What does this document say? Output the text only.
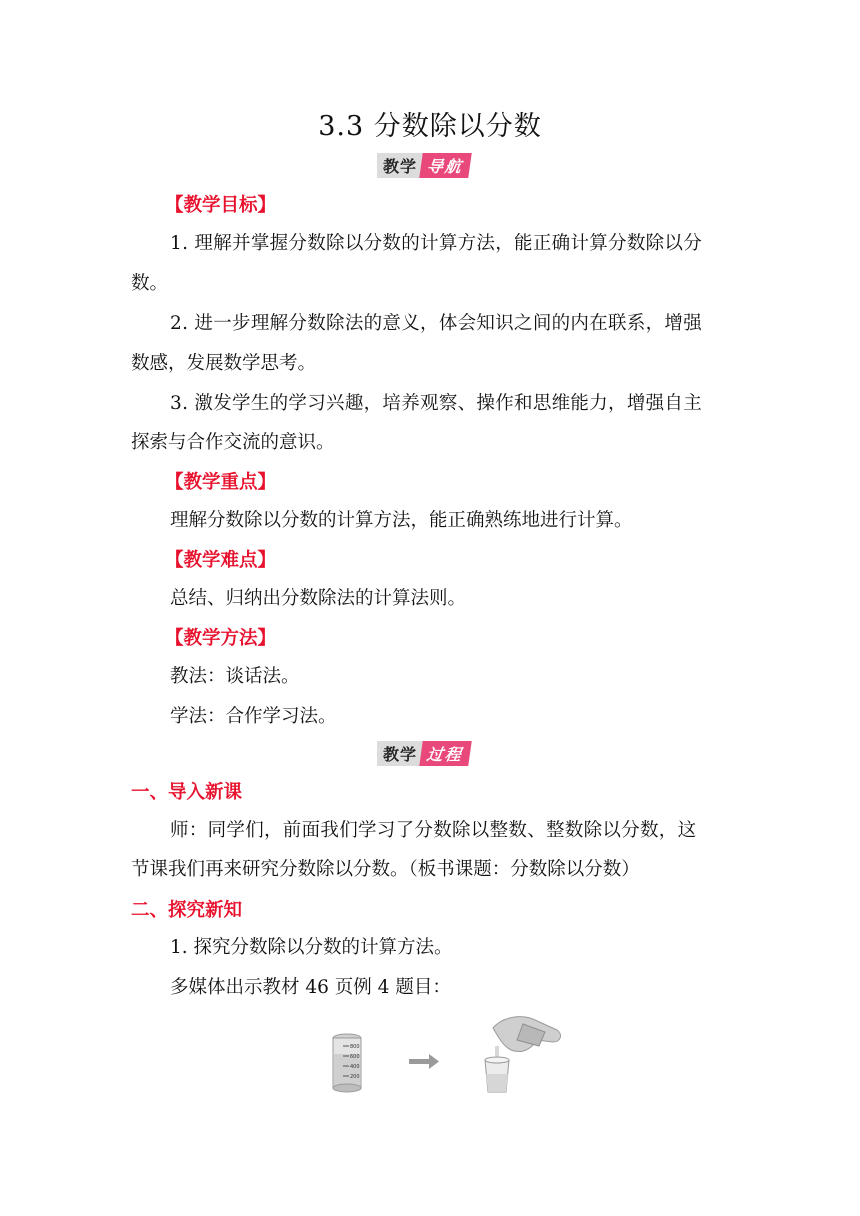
3.3 分数除以分数
教学 导航
【教学目标】
1. 理解并掌握分数除以分数的计算方法，能正确计算分数除以分
数。
2. 进一步理解分数除法的意义，体会知识之间的内在联系，增强
数感，发展数学思考。
3. 激发学生的学习兴趣，培养观察、操作和思维能力，增强自主
探索与合作交流的意识。
【教学重点】
理解分数除以分数的计算方法，能正确熟练地进行计算。
【教学难点】
总结、归纳出分数除法的计算法则。
【教学方法】
教法：谈话法。
学法：合作学习法。
教学 过程
一、导入新课
师：同学们，前面我们学习了分数除以整数、整数除以分数，这
节课我们再来研究分数除以分数。（板书课题：分数除以分数）
二、探究新知
1. 探究分数除以分数的计算方法。
多媒体出示教材 46 页例 4 题目：
800
600
400
200
